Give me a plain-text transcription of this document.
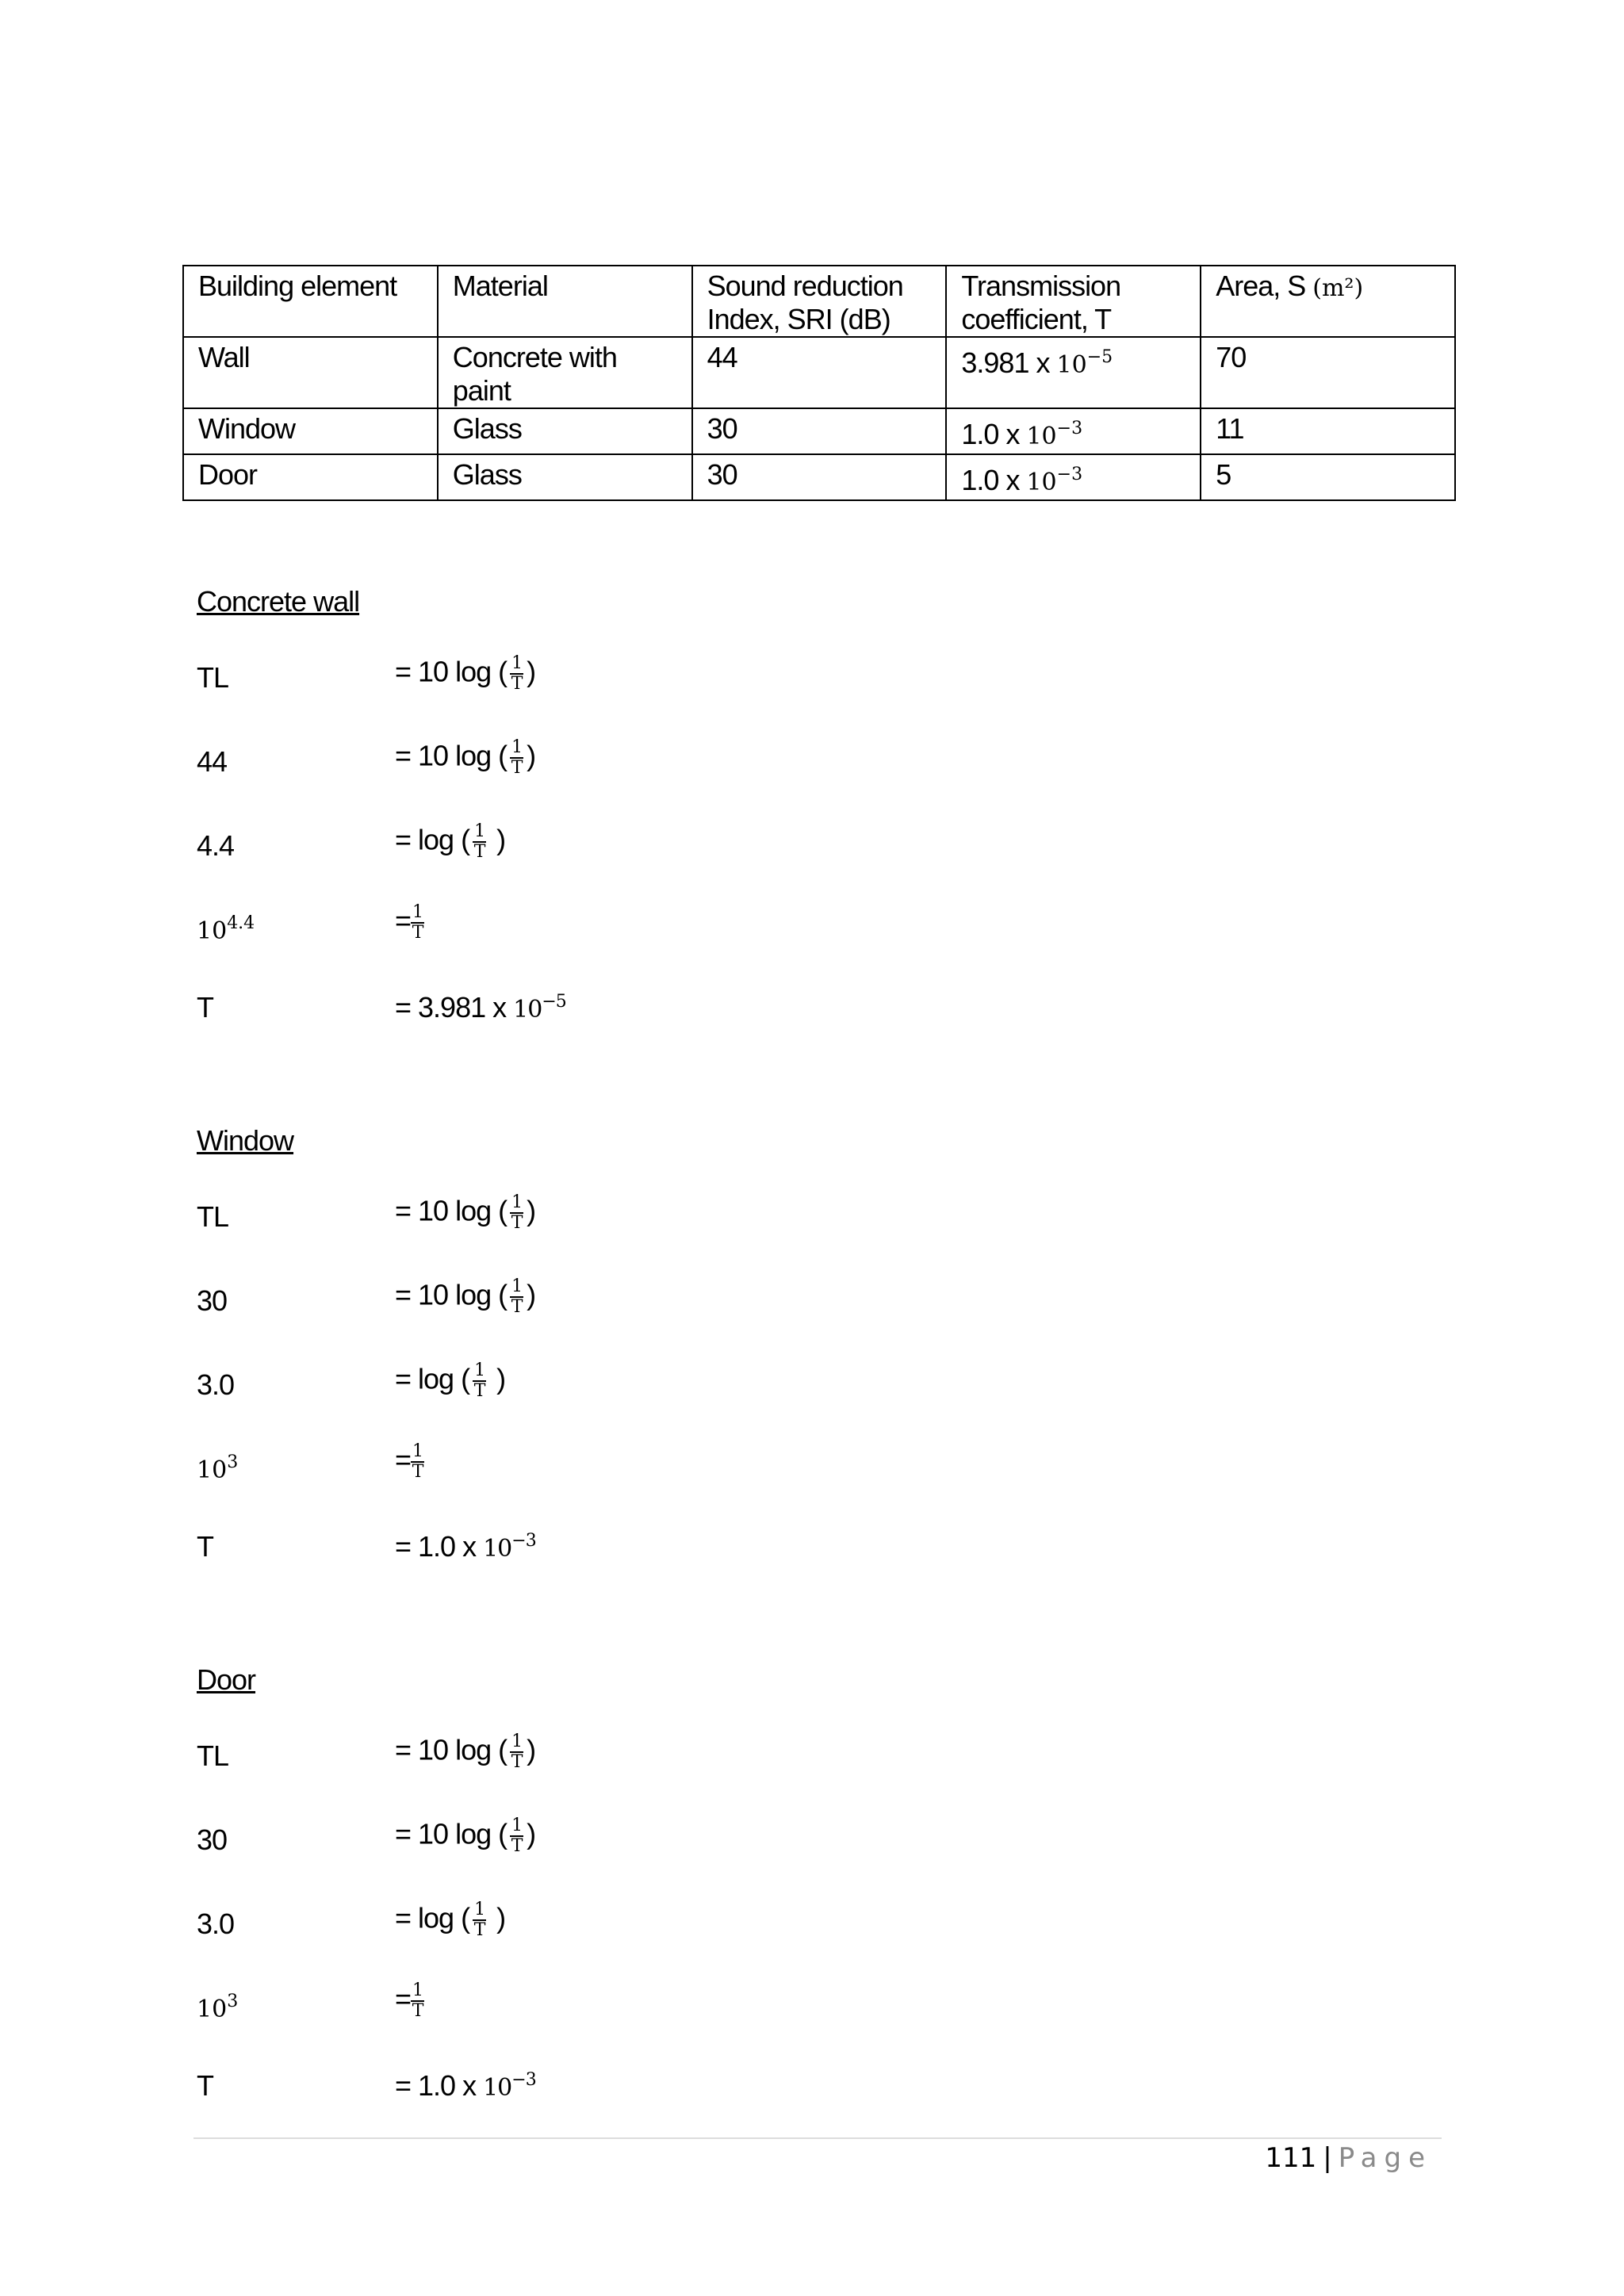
Building element	Material	Sound reduction Index, SRI (dB)	Transmission coefficient, T	Area, S (m²)
Wall	Concrete with paint	44	3.981 x $10^{-5}$	70
Window	Glass	30	1.0 x $10^{-3}$	11
Door	Glass	30	1.0 x $10^{-3}$	5
Concrete wall
TL	= 10 log ( $\frac{1}{T}$ )
44	= 10 log ( $\frac{1}{T}$ )
4.4	= log ( $\frac{1}{T}$ )
$10^{4.4}$	= $\frac{1}{T}$
T	= 3.981 x $10^{-5}$
Window
TL	= 10 log ( $\frac{1}{T}$ )
30	= 10 log ( $\frac{1}{T}$ )
3.0	= log ( $\frac{1}{T}$ )
$10^3$	= $\frac{1}{T}$
T	= 1.0 x $10^{-3}$
Door
TL	= 10 log ( $\frac{1}{T}$ )
30	= 10 log ( $\frac{1}{T}$ )
3.0	= log ( $\frac{1}{T}$ )
$10^3$	= $\frac{1}{T}$
T	= 1.0 x $10^{-3}$
111 | Page
